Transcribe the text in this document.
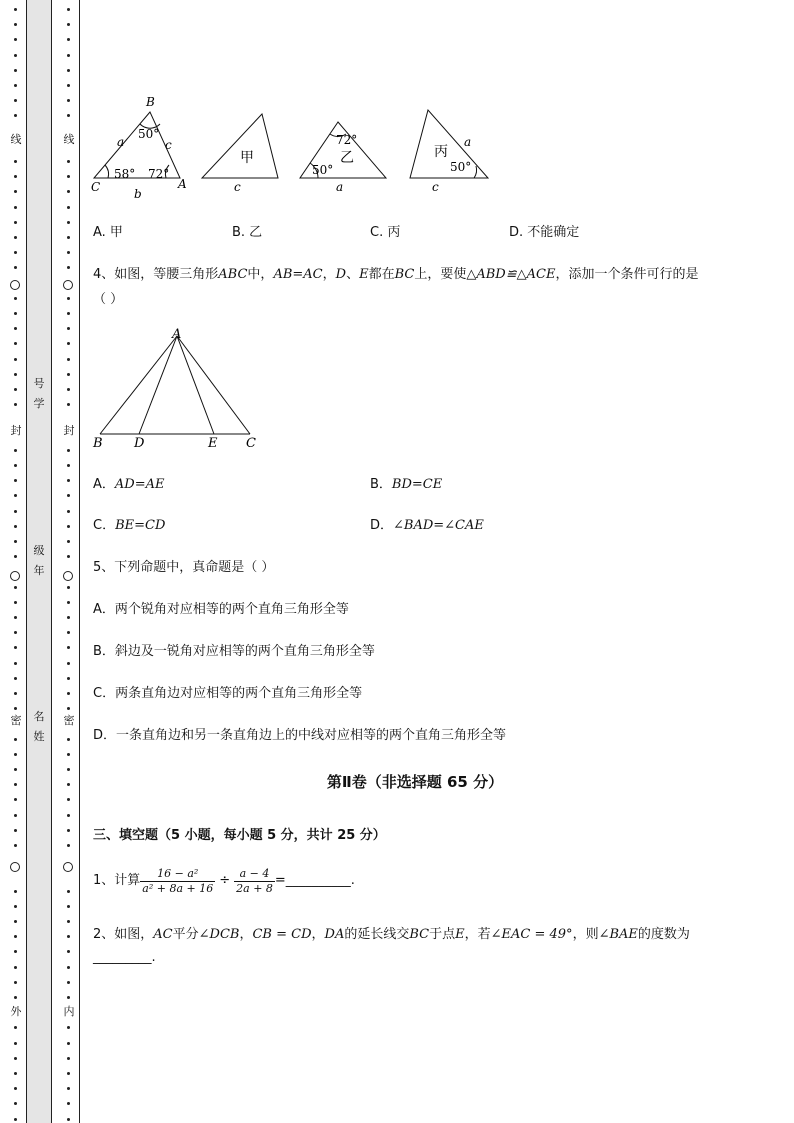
线
封
密
外
线
封
密
内
号
学
级
年
名
姓
B
C	A
a	c
b
50°
58° 72°
甲
c
72°
乙
50°
a
丙
a
50°
c
A. 甲	B. 乙	C. 丙	D. 不能确定
4、如图，等腰三角形ABC中，AB=AC，D、E都在BC上，要使△ABD≌△ACE，添加一个条件可行的是
（ ）
A
B D	E C
A．AD=AE	B．BD=CE
C．BE=CD	D．∠BAD=∠CAE
5、下列命题中，真命题是（ ）
A．两个锐角对应相等的两个直角三角形全等
B．斜边及一锐角对应相等的两个直角三角形全等
C．两条直角边对应相等的两个直角三角形全等
D．一条直角边和另一条直角边上的中线对应相等的两个直角三角形全等
第Ⅱ卷（非选择题 65 分）
三、填空题（5 小题，每小题 5 分，共计 25 分）
1、计算 $\frac{\text{16 − a²}}{\text{a² + 8a + 16}} \div \frac{a - 4}{2a + 8}$ =__________.
2、如图，AC平分∠DCB，CB = CD，DA的延长线交BC于点E，若∠EAC = 49°，则∠BAE的度数为
_________.
